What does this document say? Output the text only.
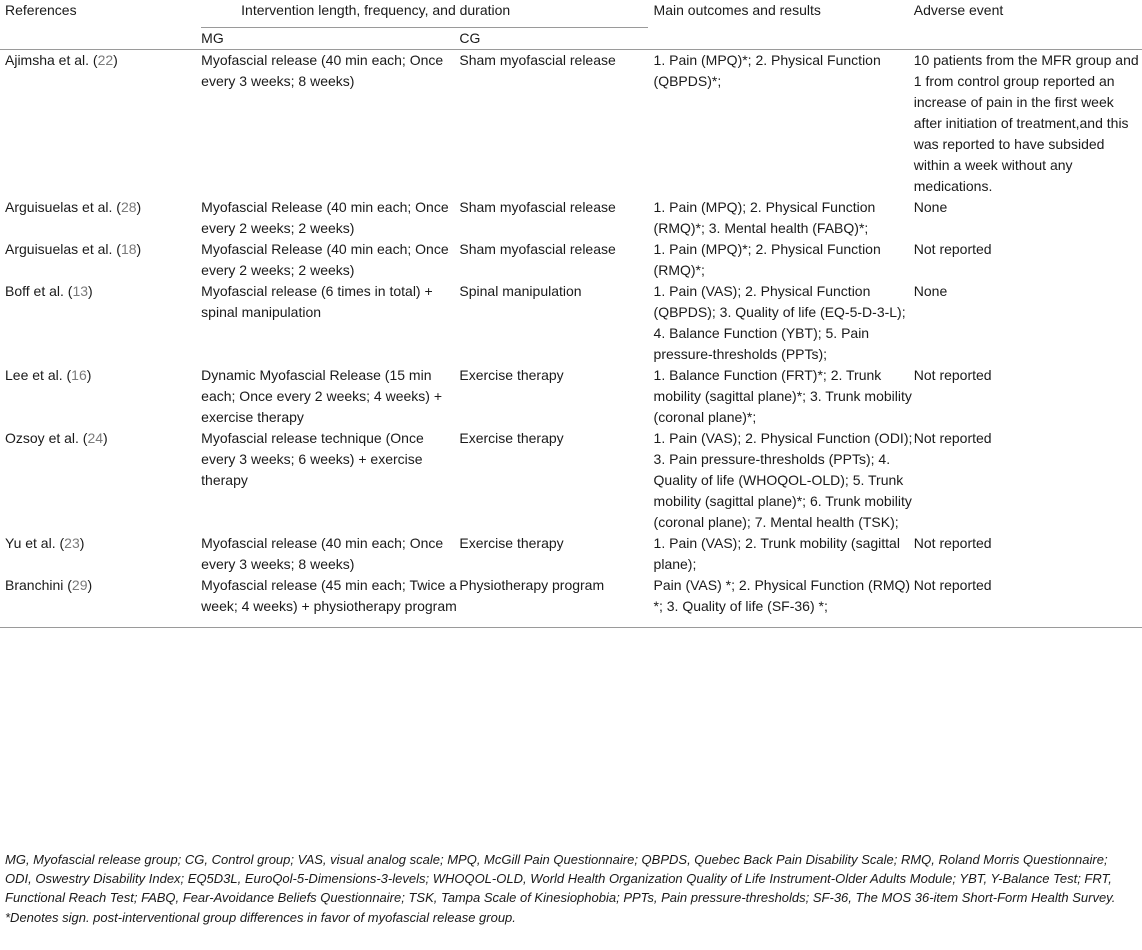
References	Intervention length, frequency, and duration		Main outcomes and results	Adverse event
	MG	CG		

Ajimsha et al. (22)	Myofascial release (40 min each; Once every 3 weeks; 8 weeks)	Sham myofascial release	1. Pain (MPQ)*; 2. Physical Function (QBPDS)*;	10 patients from the MFR group and 1 from control group reported an increase of pain in the first week after initiation of treatment,and this was reported to have subsided within a week without any medications.
Arguisuelas et al. (28)	Myofascial Release (40 min each; Once every 2 weeks; 2 weeks)	Sham myofascial release	1. Pain (MPQ); 2. Physical Function (RMQ)*; 3. Mental health (FABQ)*;	None
Arguisuelas et al. (18)	Myofascial Release (40 min each; Once every 2 weeks; 2 weeks)	Sham myofascial release	1. Pain (MPQ)*; 2. Physical Function (RMQ)*;	Not reported
Boff et al. (13)	Myofascial release (6 times in total) + spinal manipulation	Spinal manipulation	1. Pain (VAS); 2. Physical Function (QBPDS); 3. Quality of life (EQ-5-D-3-L); 4. Balance Function (YBT); 5. Pain pressure-thresholds (PPTs);	None
Lee et al. (16)	Dynamic Myofascial Release (15 min each; Once every 2 weeks; 4 weeks) + exercise therapy	Exercise therapy	1. Balance Function (FRT)*; 2. Trunk mobility (sagittal plane)*; 3. Trunk mobility (coronal plane)*;	Not reported
Ozsoy et al. (24)	Myofascial release technique (Once every 3 weeks; 6 weeks) + exercise therapy	Exercise therapy	1. Pain (VAS); 2. Physical Function (ODI); 3. Pain pressure-thresholds (PPTs); 4. Quality of life (WHOQOL-OLD); 5. Trunk mobility (sagittal plane)*; 6. Trunk mobility (coronal plane); 7. Mental health (TSK);	Not reported
Yu et al. (23)	Myofascial release (40 min each; Once every 3 weeks; 8 weeks)	Exercise therapy	1. Pain (VAS); 2. Trunk mobility (sagittal plane);	Not reported
Branchini (29)	Myofascial release (45 min each; Twice a week; 4 weeks) + physiotherapy program	Physiotherapy program	Pain (VAS) *; 2. Physical Function (RMQ) *; 3. Quality of life (SF-36) *;	Not reported

MG, Myofascial release group; CG, Control group; VAS, visual analog scale; MPQ, McGill Pain Questionnaire; QBPDS, Quebec Back Pain Disability Scale; RMQ, Roland Morris Questionnaire; ODI, Oswestry Disability Index; EQ5D3L, EuroQol-5-Dimensions-3-levels; WHOQOL-OLD, World Health Organization Quality of Life Instrument-Older Adults Module; YBT, Y-Balance Test; FRT, Functional Reach Test; FABQ, Fear-Avoidance Beliefs Questionnaire; TSK, Tampa Scale of Kinesiophobia; PPTs, Pain pressure-thresholds; SF-36, The MOS 36-item Short-Form Health Survey.

*Denotes sign. post-interventional group differences in favor of myofascial release group.
